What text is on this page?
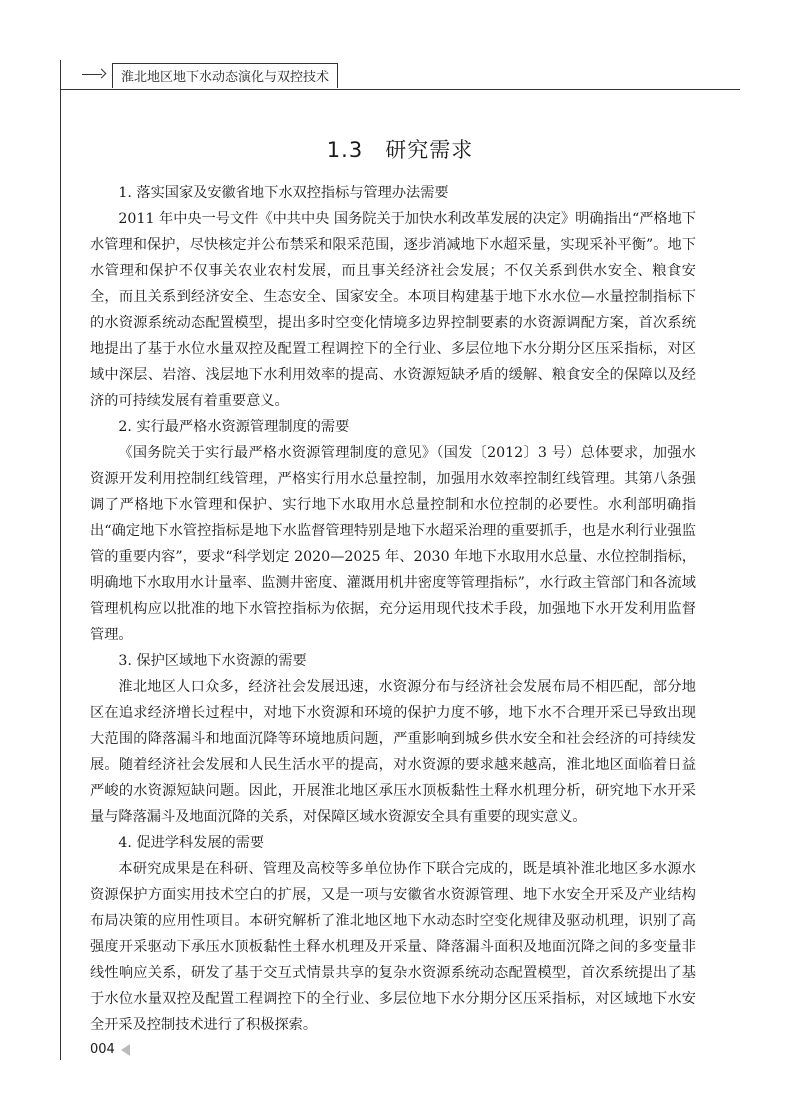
淮北地区地下水动态演化与双控技术
1.3 研究需求

1. 落实国家及安徽省地下水双控指标与管理办法需要

2011 年中央一号文件《中共中央 国务院关于加快水利改革发展的决定》明确指出“严格地下水管理和保护，尽快核定并公布禁采和限采范围，逐步消减地下水超采量，实现采补平衡”。地下水管理和保护不仅事关农业农村发展，而且事关经济社会发展；不仅关系到供水安全、粮食安全，而且关系到经济安全、生态安全、国家安全。本项目构建基于地下水水位—水量控制指标下的水资源系统动态配置模型，提出多时空变化情境多边界控制要素的水资源调配方案，首次系统地提出了基于水位水量双控及配置工程调控下的全行业、多层位地下水分期分区压采指标，对区域中深层、岩溶、浅层地下水利用效率的提高、水资源短缺矛盾的缓解、粮食安全的保障以及经济的可持续发展有着重要意义。

2. 实行最严格水资源管理制度的需要

《国务院关于实行最严格水资源管理制度的意见》（国发〔2012〕3 号）总体要求，加强水资源开发利用控制红线管理，严格实行用水总量控制，加强用水效率控制红线管理。其第八条强调了严格地下水管理和保护、实行地下水取用水总量控制和水位控制的必要性。水利部明确指出“确定地下水管控指标是地下水监督管理特别是地下水超采治理的重要抓手，也是水利行业强监管的重要内容”，要求“科学划定 2020—2025 年、2030 年地下水取用水总量、水位控制指标，明确地下水取用水计量率、监测井密度、灌溉用机井密度等管理指标”，水行政主管部门和各流域管理机构应以批准的地下水管控指标为依据，充分运用现代技术手段，加强地下水开发利用监督管理。

3. 保护区域地下水资源的需要

淮北地区人口众多，经济社会发展迅速，水资源分布与经济社会发展布局不相匹配，部分地区在追求经济增长过程中，对地下水资源和环境的保护力度不够，地下水不合理开采已导致出现大范围的降落漏斗和地面沉降等环境地质问题，严重影响到城乡供水安全和社会经济的可持续发展。随着经济社会发展和人民生活水平的提高，对水资源的要求越来越高，淮北地区面临着日益严峻的水资源短缺问题。因此，开展淮北地区承压水顶板黏性土释水机理分析，研究地下水开采量与降落漏斗及地面沉降的关系，对保障区域水资源安全具有重要的现实意义。

4. 促进学科发展的需要

本研究成果是在科研、管理及高校等多单位协作下联合完成的，既是填补淮北地区多水源水资源保护方面实用技术空白的扩展，又是一项与安徽省水资源管理、地下水安全开采及产业结构布局决策的应用性项目。本研究解析了淮北地区地下水动态时空变化规律及驱动机理，识别了高强度开采驱动下承压水顶板黏性土释水机理及开采量、降落漏斗面积及地面沉降之间的多变量非线性响应关系，研发了基于交互式情景共享的复杂水资源系统动态配置模型，首次系统提出了基于水位水量双控及配置工程调控下的全行业、多层位地下水分期分区压采指标，对区域地下水安全开采及控制技术进行了积极探索。

004
